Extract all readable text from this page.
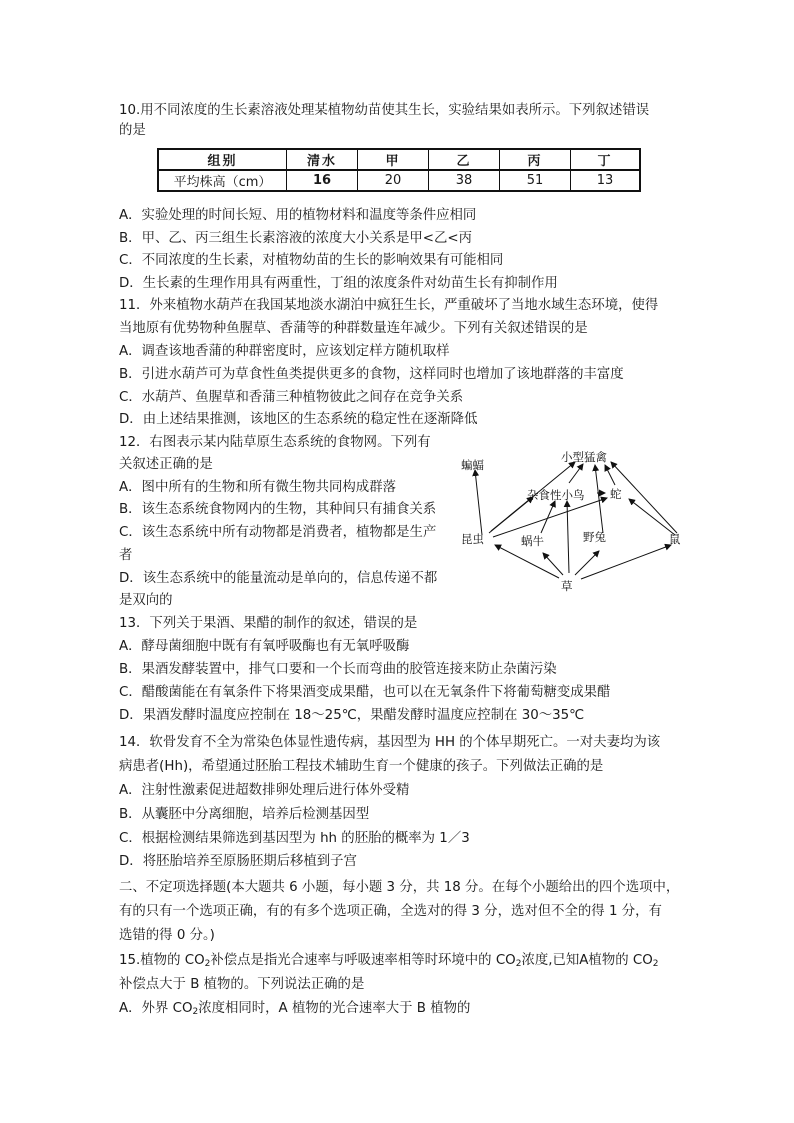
10.用不同浓度的生长素溶液处理某植物幼苗使其生长，实验结果如表所示。下列叙述错误
的是
组别	清水	甲	乙	丙	丁
平均株高（cm）	16	20	38	51	13
A．实验处理的时间长短、用的植物材料和温度等条件应相同
B．甲、乙、丙三组生长素溶液的浓度大小关系是甲<乙<丙
C．不同浓度的生长素，对植物幼苗的生长的影响效果有可能相同
D．生长素的生理作用具有两重性，丁组的浓度条件对幼苗生长有抑制作用
11．外来植物水葫芦在我国某地淡水湖泊中疯狂生长，严重破坏了当地水域生态环境，使得
当地原有优势物种鱼腥草、香蒲等的种群数量连年减少。下列有关叙述错误的是
A．调查该地香蒲的种群密度时，应该划定样方随机取样
B．引进水葫芦可为草食性鱼类提供更多的食物，这样同时也增加了该地群落的丰富度
C．水葫芦、鱼腥草和香蒲三种植物彼此之间存在竞争关系
D．由上述结果推测，该地区的生态系统的稳定性在逐渐降低
12．右图表示某内陆草原生态系统的食物网。下列有
关叙述正确的是
A．图中所有的生物和所有微生物共同构成群落
B．该生态系统食物网内的生物，其种间只有捕食关系
C．该生态系统中所有动物都是消费者，植物都是生产
者
D．该生态系统中的能量流动是单向的，信息传递不都
是双向的
蝙蝠
小型猛禽
杂食性小鸟 蛇
昆虫	蜗牛	野兔	鼠
草
13．下列关于果酒、果醋的制作的叙述，错误的是
A．酵母菌细胞中既有有氧呼吸酶也有无氧呼吸酶
B．果酒发酵装置中，排气口要和一个长而弯曲的胶管连接来防止杂菌污染
C．醋酸菌能在有氧条件下将果酒变成果醋，也可以在无氧条件下将葡萄糖变成果醋
D．果酒发酵时温度应控制在 18～25℃，果醋发酵时温度应控制在 30～35℃
14．软骨发育不全为常染色体显性遗传病，基因型为 HH 的个体早期死亡。一对夫妻均为该
病患者(Hh)，希望通过胚胎工程技术辅助生育一个健康的孩子。下列做法正确的是
A．注射性激素促进超数排卵处理后进行体外受精
B．从囊胚中分离细胞，培养后检测基因型
C．根据检测结果筛选到基因型为 hh 的胚胎的概率为 1／3
D．将胚胎培养至原肠胚期后移植到子宫
二、不定项选择题(本大题共 6 小题，每小题 3 分，共 18 分。在每个小题给出的四个选项中，
有的只有一个选项正确，有的有多个选项正确，全选对的得 3 分，选对但不全的得 1 分，有
选错的得 0 分。)
15.植物的 $CO_2$补偿点是指光合速率与呼吸速率相等时环境中的 $CO_2$浓度,已知A植物的 $CO_2$
补偿点大于 B 植物的。下列说法正确的是
A．外界 $CO_2$浓度相同时，A 植物的光合速率大于 B 植物的
